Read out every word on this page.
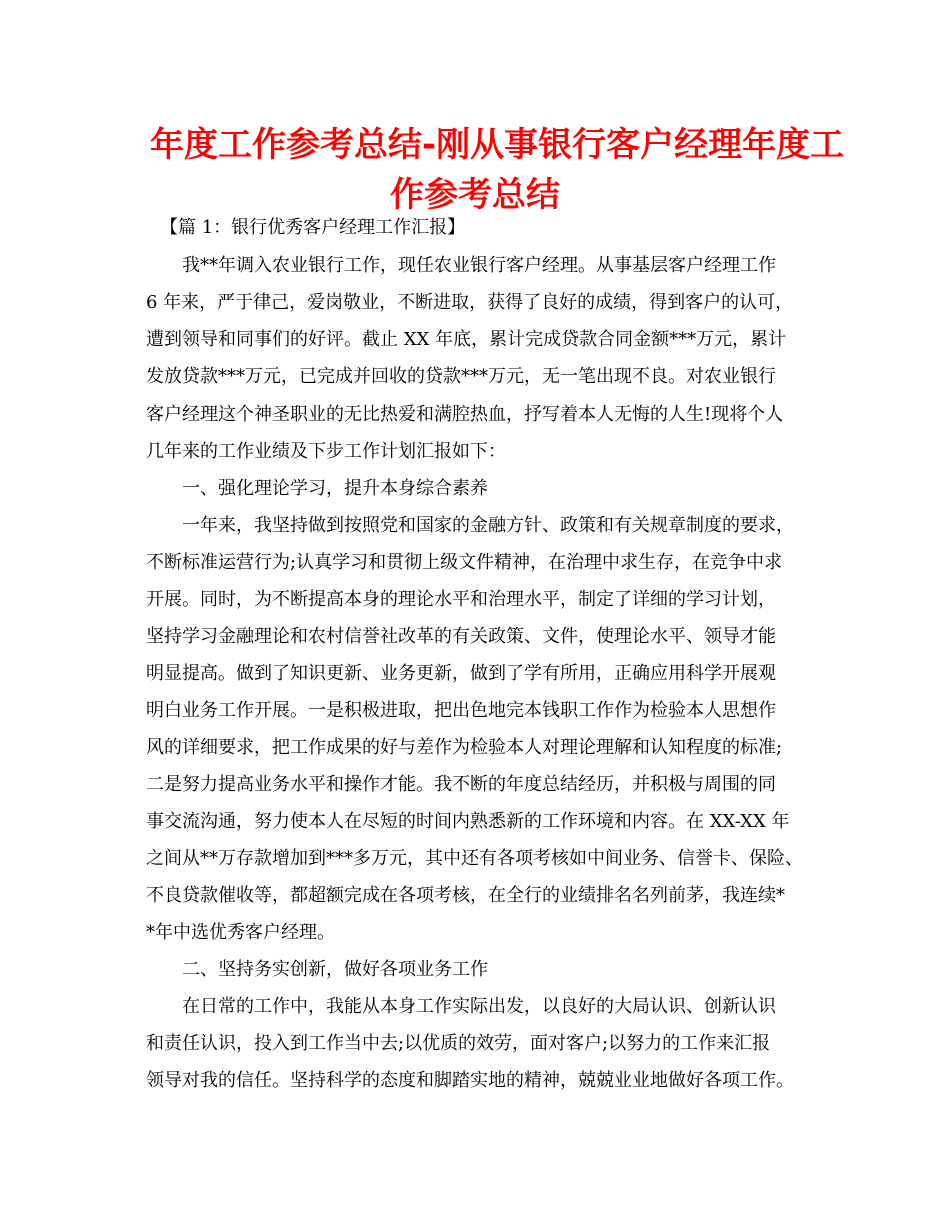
年度工作参考总结-刚从事银行客户经理年度工
作参考总结
【篇 1：银行优秀客户经理工作汇报】
我**年调入农业银行工作，现任农业银行客户经理。从事基层客户经理工作
6 年来，严于律己，爱岗敬业，不断进取，获得了良好的成绩，得到客户的认可，
遭到领导和同事们的好评。截止 XX 年底，累计完成贷款合同金额***万元，累计
发放贷款***万元，已完成并回收的贷款***万元，无一笔出现不良。对农业银行
客户经理这个神圣职业的无比热爱和满腔热血，抒写着本人无悔的人生!现将个人
几年来的工作业绩及下步工作计划汇报如下：
一、强化理论学习，提升本身综合素养
一年来，我坚持做到按照党和国家的金融方针、政策和有关规章制度的要求，
不断标准运营行为;认真学习和贯彻上级文件精神，在治理中求生存，在竞争中求
开展。同时，为不断提高本身的理论水平和治理水平，制定了详细的学习计划，
坚持学习金融理论和农村信誉社改革的有关政策、文件，使理论水平、领导才能
明显提高。做到了知识更新、业务更新，做到了学有所用，正确应用科学开展观
明白业务工作开展。一是积极进取，把出色地完本钱职工作作为检验本人思想作
风的详细要求，把工作成果的好与差作为检验本人对理论理解和认知程度的标准;
二是努力提高业务水平和操作才能。我不断的年度总结经历，并积极与周围的同
事交流沟通，努力使本人在尽短的时间内熟悉新的工作环境和内容。在 XX-XX 年
之间从**万存款增加到***多万元，其中还有各项考核如中间业务、信誉卡、保险、
不良贷款催收等，都超额完成在各项考核，在全行的业绩排名名列前茅，我连续*
*年中选优秀客户经理。
二、坚持务实创新，做好各项业务工作
在日常的工作中，我能从本身工作实际出发，以良好的大局认识、创新认识
和责任认识，投入到工作当中去;以优质的效劳，面对客户;以努力的工作来汇报
领导对我的信任。坚持科学的态度和脚踏实地的精神，兢兢业业地做好各项工作。
